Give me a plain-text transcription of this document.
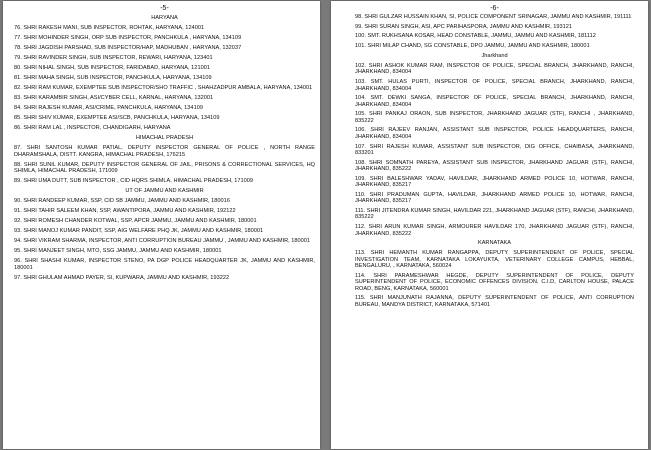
-5-
HARYANA
76. SHRI RAKESH MANI, SUB INSPECTOR, ROHTAK, HARYANA, 124001
77. SHRI MOHINDER SINGH, ORP SUB INSPECTOR, PANCHKULA , HARYANA, 134109
78. SHRI JAGDISH PARSHAD, SUB INSPECTOR/HAP, MADHUBAN , HARYANA, 132037
79. SHRI RAVINDER SINGH, SUB INSPECTOR, REWARI, HARYANA, 123401
80. SHRI NIHAL SINGH, SUB INSPECTOR, FARIDABAD, HARYANA, 121001
81. SHRI MAHA SINGH, SUB INSPECTOR, PANCHKULA, HARYANA, 134109
82. SHRI RAM KUMAR, EXEMPTEE SUB INSPECTOR/SHO TRAFFIC , SHAHZADPUR AMBALA, HARYANA, 134001
83. SHRI KARAMBIR SINGH, ASI/CYBER CELL, KARNAL, HARYANA, 132001
84. SHRI RAJESH KUMAR, ASI/CRIME, PANCHKULA, HARYANA, 134109
85. SHRI SHIV KUMAR, EXEMPTEE ASI/SCB, PANCHKULA, HARYANA, 134109
86. SHRI RAM LAL , INSPECTOR, CHANDIGARH, HARYANA
HIMACHAL PRADESH
87. SHRI SANTOSH KUMAR PATIAL, DEPUTY INSPECTOR GENERAL OF POLICE , NORTH RANGE DHARAMSHALA, DISTT. KANGRA, HIMACHAL PRADESH, 176215
88. SHRI SUNIL KUMAR, DEPUTY INSPECTOR GENERAL OF JAIL, PRISONS & CORRECTIONAL SERVICES, HQ SHIMLA, HIMACHAL PRADESH, 171009
89. SHRI UMA DUTT, SUB INSPECTOR , CID HQRS SHIMLA, HIMACHAL PRADESH, 171009
UT OF JAMMU AND KASHMIR
90. SHRI RANDEEP KUMAR, SSP, CID SB JAMMU, JAMMU AND KASHMIR, 180016
91. SHRI TAHIR SALEEM KHAN, SSP, AWANTIPORA, JAMMU AND KASHMIR, 192122
92. SHRI ROMESH CHANDER KOTWAL, SSP, APCR JAMMU, JAMMU AND KASHMIR, 180001
93. SHRI MANOJ KUMAR PANDIT, SSP, AIG WELFARE PHQ JK, JAMMU AND KASHMIR, 180001
94. SHRI VIKRAM SHARMA, INSPECTOR, ANTI CORRUPTION BUREAU JAMMU , JAMMU AND KASHMIR, 180001
95. SHRI MANJEET SINGH, MTO, SSG JAMMU, JAMMU AND KASHMIR, 180001
96. SHRI SHASHI KUMAR, INSPECTOR STENO, PA DGP POLICE HEADQUARTER JK, JAMMU AND KASHMIR, 180001
97. SHRI GHULAM AHMAD PAYER, SI, KUPWARA, JAMMU AND KASHMIR, 193222
-6-
98. SHRI GULZAR HUSSAIN KHAN, SI, POLICE COMPONENT SRINAGAR, JAMMU AND KASHMIR, 191111
99. SHRI SURAN SINGH, ASI, APC PARIHASPORA, JAMMU AND KASHMIR, 193121
100. SMT. RUKHSANA KOSAR, HEAD CONSTABLE, JAMMU, JAMMU AND KASHMIR, 181112
101. SHRI MILAP CHAND, SG CONSTABLE, DPO JAMMU, JAMMU AND KASHMIR, 180001
Jharkhand
102. SHRI ASHOK KUMAR RAM, INSPECTOR OF POLICE, SPECIAL BRANCH, JHARKHAND, RANCHI, JHARKHAND, 834004
103. SMT. HULAS PURTI, INSPECTOR OF POLICE, SPECIAL BRANCH, JHARKHAND, RANCHI, JHARKHAND, 834004
104. SMT. DEWKI SANGA, INSPECTOR OF POLICE, SPECIAL BRANCH, JHARKHAND, RANCHI, JHARKHAND, 834004
105. SHRI PANKAJ ORAON, SUB INSPECTOR, JHARKHAND JAGUAR (STF), RANCHI , JHARKHAND, 835222
106. SHRI RAJEEV RANJAN, ASSISTANT SUB INSPECTOR, POLICE HEADQUARTERS, RANCHI, JHARKHAND, 834004
107. SHRI RAJESH KUMAR, ASSISTANT SUB INSPECTOR, DIG OFFICE, CHAIBASA, JHARKHAND, 833201
108. SHRI SOMNATH PAREYA, ASSISTANT SUB INSPECTOR, JHARKHAND JAGUAR (STF), RANCHI, JHARKHAND, 835222
109. SHRI BALESHWAR YADAV, HAVILDAR, JHARKHAND ARMED POLICE 10, HOTWAR, RANCHI, JHARKHAND, 835217
110. SHRI PRADUMAN GUPTA, HAVILDAR, JHARKHAND ARMED POLICE 10, HOTWAR, RANCHI, JHARKHAND, 835217
111. SHRI JITENDRA KUMAR SINGH, HAVILDAR 221, JHARKHAND JAGUAR (STF), RANCHI, JHARKHAND, 835222
112. SHRI ARUN KUMAR SINGH, ARMOURER HAVILDAR 170, JHARKHAND JAGUAR (STF), RANCHI, JHARKHAND, 835222
KARNATAKA
113. SHRI HEMANTH KUMAR RANGAPPA, DEPUTY SUPERINTENDENT OF POLICE, SPECIAL INVESTIGATION TEAM, KARNATAKA LOKAYUKTA, VETERINARY COLLEGE CAMPUS, HEBBAL, BENGALURU, , KARNATAKA, 560024
114. SHRI PARAMESHWAR HEGDE, DEPUTY SUPERINTENDENT OF POLICE, DEPUTY SUPERINTENDENT OF POLICE, ECONOMIC OFFENCES DIVISION, C.I.D, CARLTON HOUSE, PALACE ROAD, BENG, KARNATAKA, 560001
115. SHRI MANJUNATH RAJANNA, DEPUTY SUPERINTENDENT OF POLICE, ANTI CORRUPTION BUREAU, MANDYA DISTRICT, KARNATAKA, 571401
